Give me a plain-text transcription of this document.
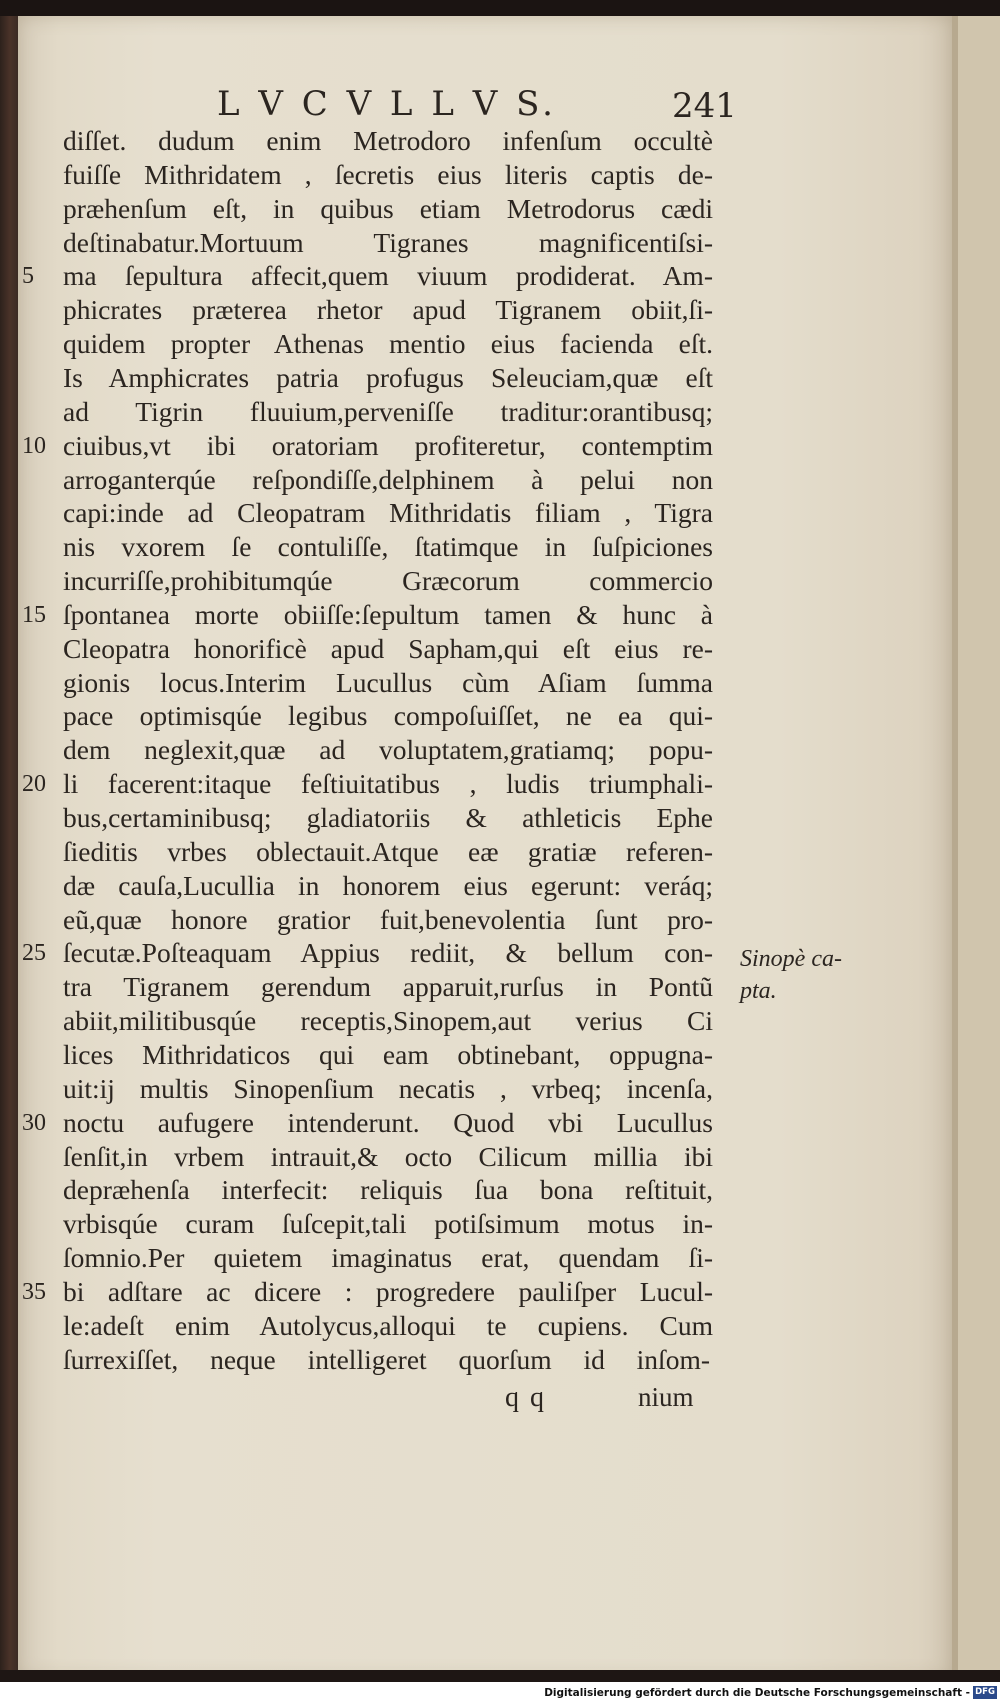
L V C V L L V S.	241
diſſet. dudum enim Metrodoro infenſum occultè
fuiſſe Mithridatem , ſecretis eius literis captis de-
præhenſum eſt, in quibus etiam Metrodorus cædi
deſtinabatur.Mortuum Tigranes magnificentiſsi-
ma ſepultura affecit,quem viuum prodiderat. Am-
phicrates præterea rhetor apud Tigranem obiit,ſi-
quidem propter Athenas mentio eius facienda eſt.
Is Amphicrates patria profugus Seleuciam,quæ eſt
ad Tigrin fluuium,perveniſſe traditur:orantibusq;
ciuibus,vt ibi oratoriam profiteretur, contemptim
arroganterqúe reſpondiſſe,delphinem à pelui non
capi:inde ad Cleopatram Mithridatis filiam , Tigra
nis vxorem ſe contuliſſe, ſtatimque in ſuſpiciones
incurriſſe,prohibitumqúe Græcorum commercio
ſpontanea morte obiiſſe:ſepultum tamen & hunc à
Cleopatra honorificè apud Sapham,qui eſt eius re-
gionis locus.Interim Lucullus cùm Aſiam ſumma
pace optimisqúe legibus compoſuiſſet, ne ea qui-
dem neglexit,quæ ad voluptatem,gratiamq; popu-
li facerent:itaque feſtiuitatibus , ludis triumphali-
bus,certaminibusq; gladiatoriis & athleticis Ephe
ſieditis vrbes oblectauit.Atque eæ gratiæ referen-
dæ cauſa,Lucullia in honorem eius egerunt: veráq;
eũ,quæ honore gratior fuit,benevolentia ſunt pro-
ſecutæ.Poſteaquam Appius rediit, & bellum con-
tra Tigranem gerendum apparuit,rurſus in Pontũ
abiit,militibusqúe receptis,Sinopem,aut verius Ci
lices Mithridaticos qui eam obtinebant, oppugna-
uit:ij multis Sinopenſium necatis , vrbeq; incenſa,
noctu aufugere intenderunt. Quod vbi Lucullus
ſenſit,in vrbem intrauit,& octo Cilicum millia ibi
depræhenſa interfecit: reliquis ſua bona reſtituit,
vrbisqúe curam ſuſcepit,tali potiſsimum motus in-
ſomnio.Per quietem imaginatus erat, quendam ſi-
bi adſtare ac dicere : progredere pauliſper Lucul-
le:adeſt enim Autolycus,alloqui te cupiens. Cum
ſurrexiſſet, neque intelligeret quorſum id inſom-
5
10
15
20
25
30
35
Sinopè ca-
pta.
q q	nium
Digitalisierung gefördert durch die Deutsche Forschungsgemeinschaft - DFG
